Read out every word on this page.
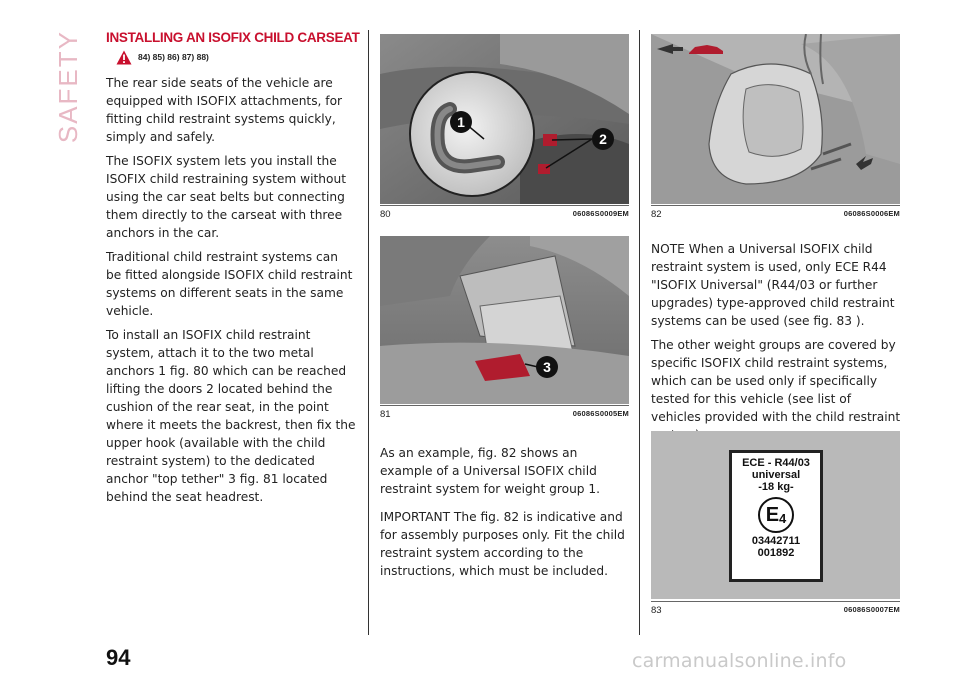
SAFETY INSTALLING AN ISOFIX CHILD CARSEAT
84) 85) 86) 87) 88)

The rear side seats of the vehicle are equipped with ISOFIX attachments, for fitting child restraint systems quickly, simply and safely.

The ISOFIX system lets you install the ISOFIX child restraining system without using the car seat belts but connecting them directly to the carseat with three anchors in the car.

Traditional child restraint systems can be fitted alongside ISOFIX child restraint systems on different seats in the same vehicle.

To install an ISOFIX child restraint system, attach it to the two metal anchors 1 fig. 80 which can be reached lifting the doors 2 located behind the cushion of the rear seat, in the point where it meets the backrest, then fix the upper hook (available with the child restraint system) to the dedicated anchor "top tether" 3 fig. 81 located behind the seat headrest.

1
2
80	06086S0009EM
3
81	06086S0005EM

As an example, fig. 82 shows an example of a Universal ISOFIX child restraint system for weight group 1.

IMPORTANT The fig. 82 is indicative and for assembly purposes only. Fit the child restraint system according to the instructions, which must be included.

82	06086S0006EM

NOTE When a Universal ISOFIX child restraint system is used, only ECE R44 "ISOFIX Universal" (R44/03 or further upgrades) type-approved child restraint systems can be used (see fig. 83 ).

The other weight groups are covered by specific ISOFIX child restraint systems, which can be used only if specifically tested for this vehicle (see list of vehicles provided with the child restraint

ECE - R44/03
universal
-18 kg-
E 4
03442711
001892
83	06086S0007EM
94	carmanualsonline.info
